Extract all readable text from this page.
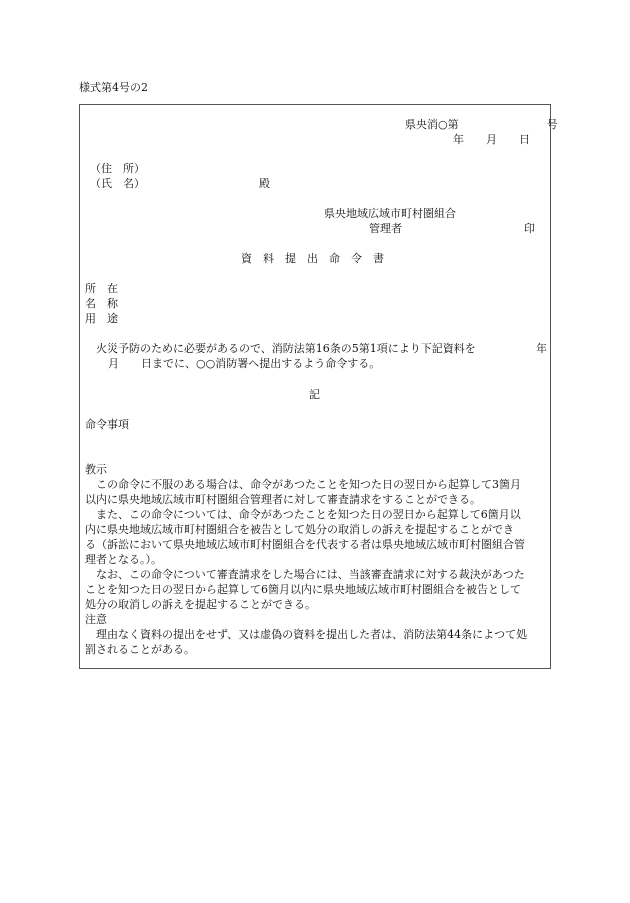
様式第4号の2
県央消○第　　　　　　　　号
年　　月　　日
（住　所）
（氏　名）	殿
県央地域広域市町村圏組合
管理者	印
資　料　提　出　命　令　書
所　在
名　称
用　途
火災予防のために必要があるので、消防法第16条の5第1項により下記資料を	年
月　　日までに、○○消防署へ提出するよう命令する。
記
命令事項
教示
　この命令に不服のある場合は、命令があつたことを知つた日の翌日から起算して3箇月
以内に県央地域広域市町村圏組合管理者に対して審査請求をすることができる。
　また、この命令については、命令があつたことを知つた日の翌日から起算して6箇月以
内に県央地域広域市町村圏組合を被告として処分の取消しの訴えを提起することができ
る（訴訟において県央地域広域市町村圏組合を代表する者は県央地域広域市町村圏組合管
理者となる。）。
　なお、この命令について審査請求をした場合には、当該審査請求に対する裁決があつた
ことを知つた日の翌日から起算して6箇月以内に県央地域広域市町村圏組合を被告として
処分の取消しの訴えを提起することができる。
注意
　理由なく資料の提出をせず、又は虚偽の資料を提出した者は、消防法第44条によつて処
罰されることがある。
